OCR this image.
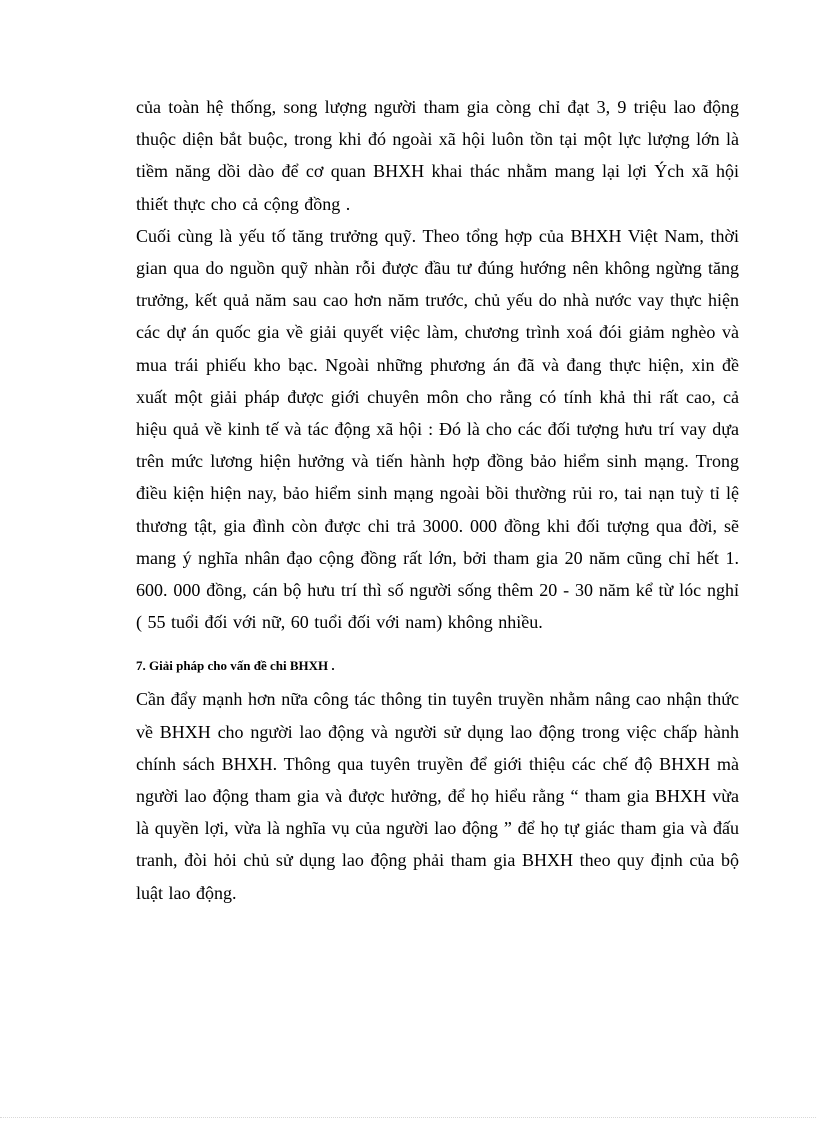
của toàn hệ thống, song lượng người tham gia còng chỉ đạt 3, 9 triệu lao động thuộc diện bắt buộc, trong khi đó ngoài xã hội luôn tồn tại một lực lượng lớn là tiềm năng dồi dào để cơ quan BHXH khai thác nhằm mang lại lợi Ých xã hội thiết thực cho cả cộng đồng .

Cuối cùng là yếu tố tăng trưởng quỹ. Theo tổng hợp của BHXH Việt Nam, thời gian qua do nguồn quỹ nhàn rỗi được đầu tư đúng hướng nên không ngừng tăng trưởng, kết quả năm sau cao hơn năm trước, chủ yếu do nhà nước vay thực hiện các dự án quốc gia về giải quyết việc làm, chương trình xoá đói giảm nghèo và mua trái phiếu kho bạc. Ngoài những phương án đã và đang thực hiện, xin đề xuất một giải pháp được giới chuyên môn cho rằng có tính khả thi rất cao, cả hiệu quả về kinh tế và tác động xã hội : Đó là cho các đối tượng hưu trí vay dựa trên mức lương hiện hưởng và tiến hành hợp đồng bảo hiểm sinh mạng. Trong điều kiện hiện nay, bảo hiểm sinh mạng ngoài bồi thường rủi ro, tai nạn tuỳ tỉ lệ thương tật, gia đình còn được chi trả 3000. 000 đồng khi đối tượng qua đời, sẽ mang ý nghĩa nhân đạo cộng đồng rất lớn, bởi tham gia 20 năm cũng chỉ hết 1. 600. 000 đồng, cán bộ hưu trí thì số người sống thêm 20 - 30 năm kể từ lóc nghỉ ( 55 tuổi đối với nữ, 60 tuổi đối với nam) không nhiều.

7. Giải pháp cho vấn đề chi BHXH .

Cần đẩy mạnh hơn nữa công tác thông tin tuyên truyền nhằm nâng cao nhận thức về BHXH cho người lao động và người sử dụng lao động trong việc chấp hành chính sách BHXH. Thông qua tuyên truyền để giới thiệu các chế độ BHXH mà người lao động tham gia và được hưởng, để họ hiểu rằng “ tham gia BHXH vừa là quyền lợi, vừa là nghĩa vụ của người lao động ” để họ tự giác tham gia và đấu tranh, đòi hỏi chủ sử dụng lao động phải tham gia BHXH theo quy định của bộ luật lao động.
